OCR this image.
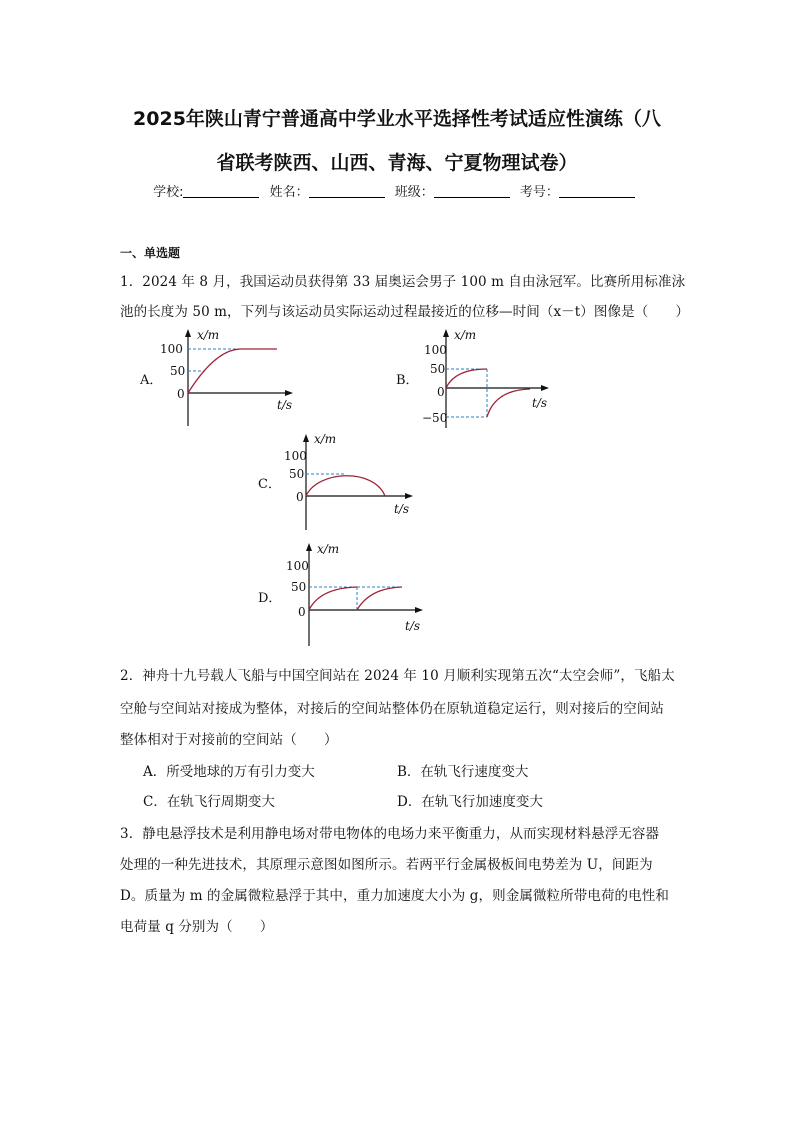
2025年陕山青宁普通高中学业水平选择性考试适应性演练（八
省联考陕西、山西、青海、宁夏物理试卷）
学校:	姓名：	班级：	考号：
一、单选题
1．2024 年 8 月，我国运动员获得第 33 届奥运会男子 100 m 自由泳冠军。比赛所用标准泳
池的长度为 50 m，下列与该运动员实际运动过程最接近的位移—时间（x－t）图像是（　　）
A．
x/m
100
50
0
t/s
B．
x/m
100
50
0
−50
t/s
C．
x/m
100
50
0
t/s
D．
x/m
100
50
0
t/s
2．神舟十九号载人飞船与中国空间站在 2024 年 10 月顺利实现第五次“太空会师”，飞船太
空舱与空间站对接成为整体，对接后的空间站整体仍在原轨道稳定运行，则对接后的空间站
整体相对于对接前的空间站（　　）
A．所受地球的万有引力变大	B．在轨飞行速度变大
C．在轨飞行周期变大	D．在轨飞行加速度变大
3．静电悬浮技术是利用静电场对带电物体的电场力来平衡重力，从而实现材料悬浮无容器
处理的一种先进技术，其原理示意图如图所示。若两平行金属极板间电势差为 U，间距为
D。质量为 m 的金属微粒悬浮于其中，重力加速度大小为 g，则金属微粒所带电荷的电性和
电荷量 q 分别为（　　）
